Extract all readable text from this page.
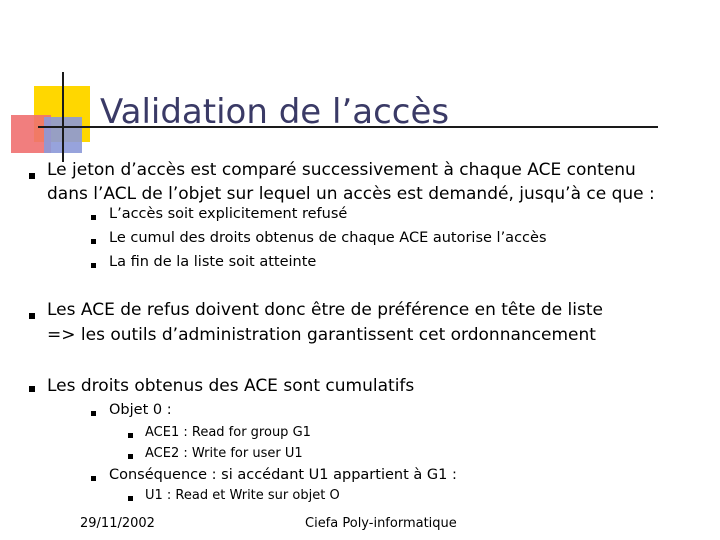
Validation de l’accès
Le jeton d’accès est comparé successivement à chaque ACE contenu
dans l’ACL de l’objet sur lequel un accès est demandé, jusqu’à ce que :
L’accès soit explicitement refusé
Le cumul des droits obtenus de chaque ACE autorise l’accès
La fin de la liste soit atteinte
Les ACE de refus doivent donc être de préférence en tête de liste
=> les outils d’administration garantissent cet ordonnancement
Les droits obtenus des ACE sont cumulatifs
Objet 0 :
ACE1 : Read for group G1
ACE2 : Write for user U1
Conséquence : si accédant U1 appartient à G1 :
U1 : Read et Write sur objet O
29/11/2002	Ciefa Poly-informatique
